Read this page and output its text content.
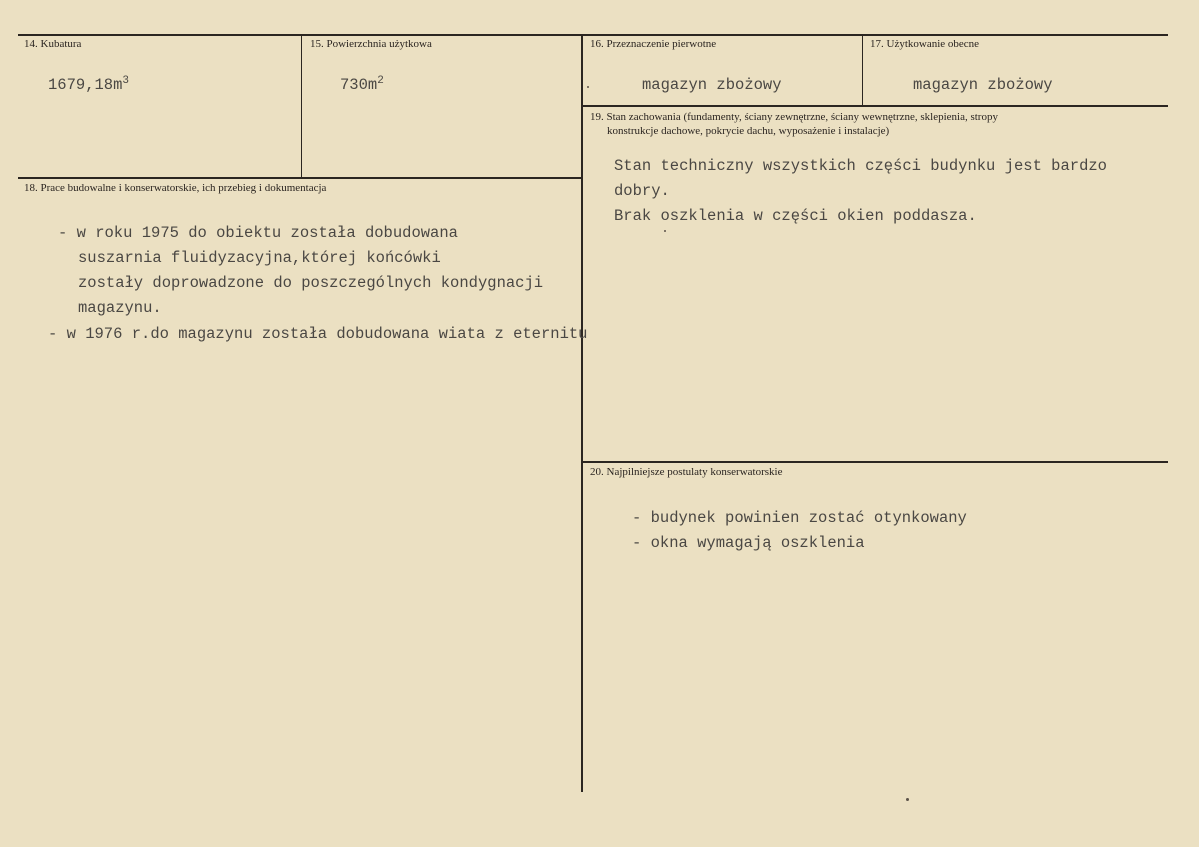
14. Kubatura
$1679,18m^3$
15. Powierzchnia użytkowa
$730m^2$
16. Przeznaczenie pierwotne
magazyn zbożowy
17. Użytkowanie obecne
magazyn zbożowy
19. Stan zachowania (fundamenty, ściany zewnętrzne, ściany wewnętrzne, sklepienia, stropy
konstrukcje dachowe, pokrycie dachu, wyposażenie i instalacje)
Stan techniczny wszystkich części budynku jest bardzo
dobry.
Brak oszklenia w części okien poddasza.
18. Prace budowalne i konserwatorskie, ich przebieg i dokumentacja
- w roku 1975 do obiektu została dobudowana
suszarnia fluidyzacyjna,której końcówki
zostały doprowadzone do poszczególnych kondygnacji
magazynu.
- w 1976 r.do magazynu została dobudowana wiata z eternitu
20. Najpilniejsze postulaty konserwatorskie
- budynek powinien zostać otynkowany
- okna wymagają oszklenia
